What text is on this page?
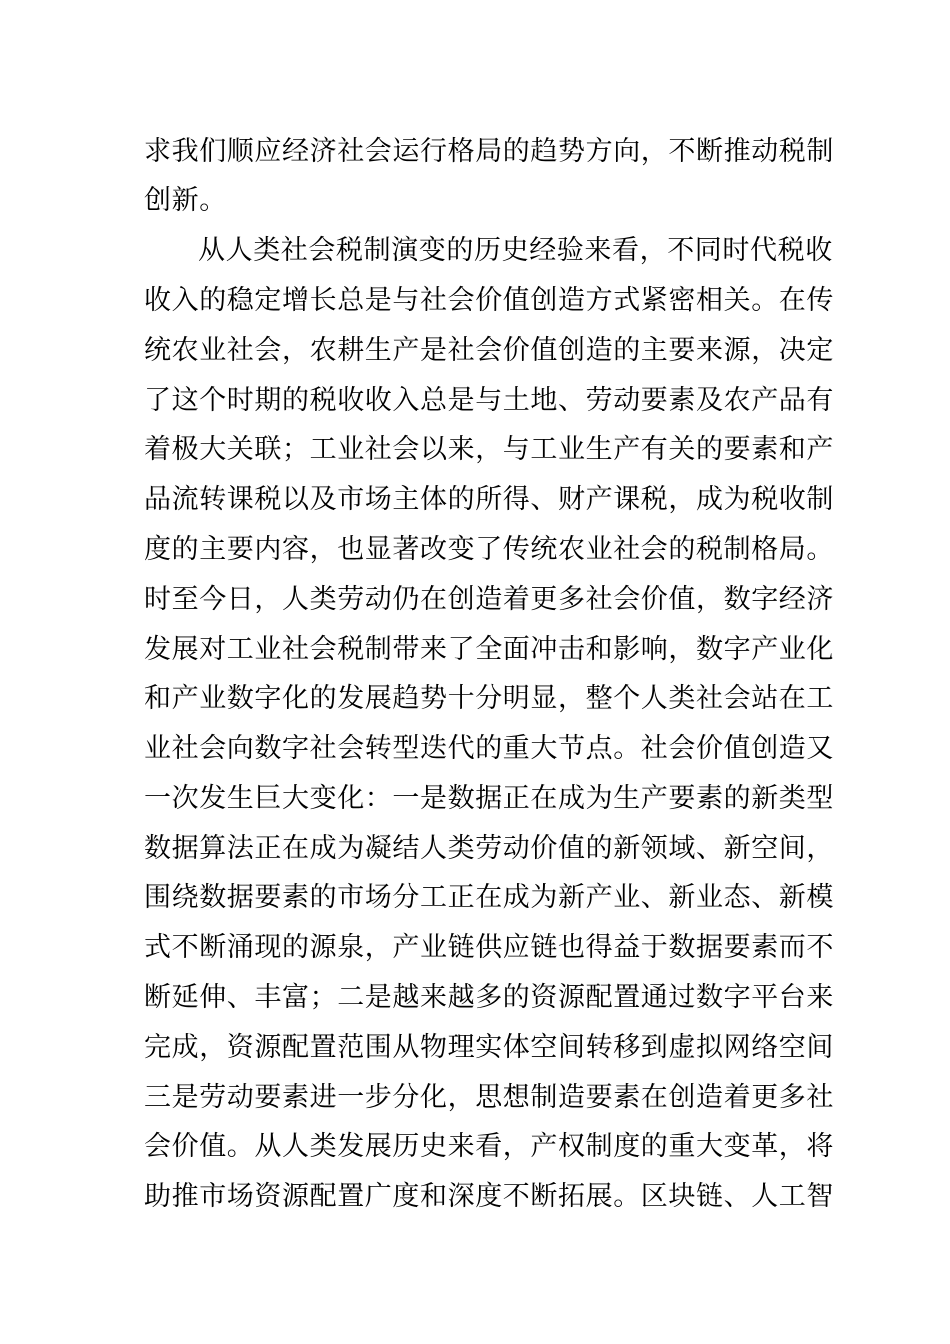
求我们顺应经济社会运行格局的趋势方向，不断推动税制
创新。
从人类社会税制演变的历史经验来看，不同时代税收
收入的稳定增长总是与社会价值创造方式紧密相关。在传
统农业社会，农耕生产是社会价值创造的主要来源，决定
了这个时期的税收收入总是与土地、劳动要素及农产品有
着极大关联；工业社会以来，与工业生产有关的要素和产
品流转课税以及市场主体的所得、财产课税，成为税收制
度的主要内容，也显著改变了传统农业社会的税制格局。
时至今日，人类劳动仍在创造着更多社会价值，数字经济
发展对工业社会税制带来了全面冲击和影响，数字产业化
和产业数字化的发展趋势十分明显，整个人类社会站在工
业社会向数字社会转型迭代的重大节点。社会价值创造又
一次发生巨大变化：一是数据正在成为生产要素的新类型
数据算法正在成为凝结人类劳动价值的新领域、新空间，
围绕数据要素的市场分工正在成为新产业、新业态、新模
式不断涌现的源泉，产业链供应链也得益于数据要素而不
断延伸、丰富；二是越来越多的资源配置通过数字平台来
完成，资源配置范围从物理实体空间转移到虚拟网络空间
三是劳动要素进一步分化，思想制造要素在创造着更多社
会价值。从人类发展历史来看，产权制度的重大变革，将
助推市场资源配置广度和深度不断拓展。区块链、人工智
